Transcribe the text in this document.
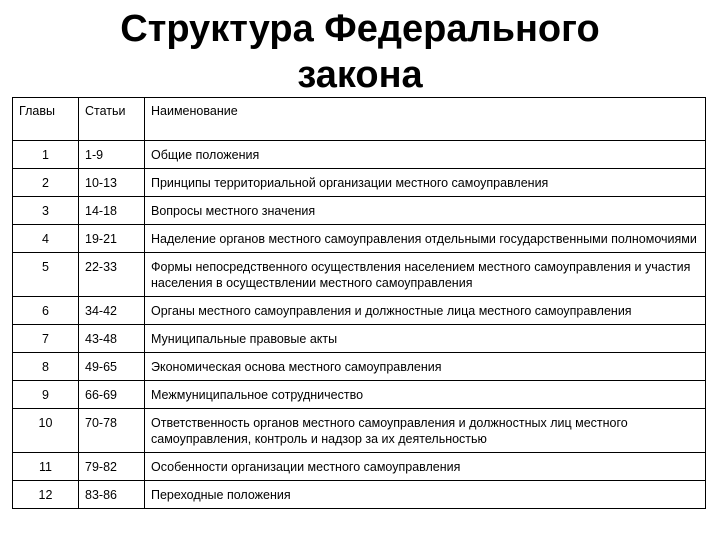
Структура Федерального
закона
Главы	Статьи	Наименование
1	1-9	Общие положения
2	10-13	Принципы территориальной организации местного самоуправления
3	14-18	Вопросы местного значения
4	19-21	Наделение органов местного самоуправления отдельными государственными полномочиями
5	22-33	Формы непосредственного осуществления населением местного самоуправления и участия населения в осуществлении местного самоуправления
6	34-42	Органы местного самоуправления и должностные лица местного самоуправления
7	43-48	Муниципальные правовые акты
8	49-65	Экономическая основа местного самоуправления
9	66-69	Межмуниципальное сотрудничество
10	70-78	Ответственность органов местного самоуправления и должностных лиц местного самоуправления, контроль и надзор за их деятельностью
11	79-82	Особенности организации местного самоуправления
12	83-86	Переходные положения
